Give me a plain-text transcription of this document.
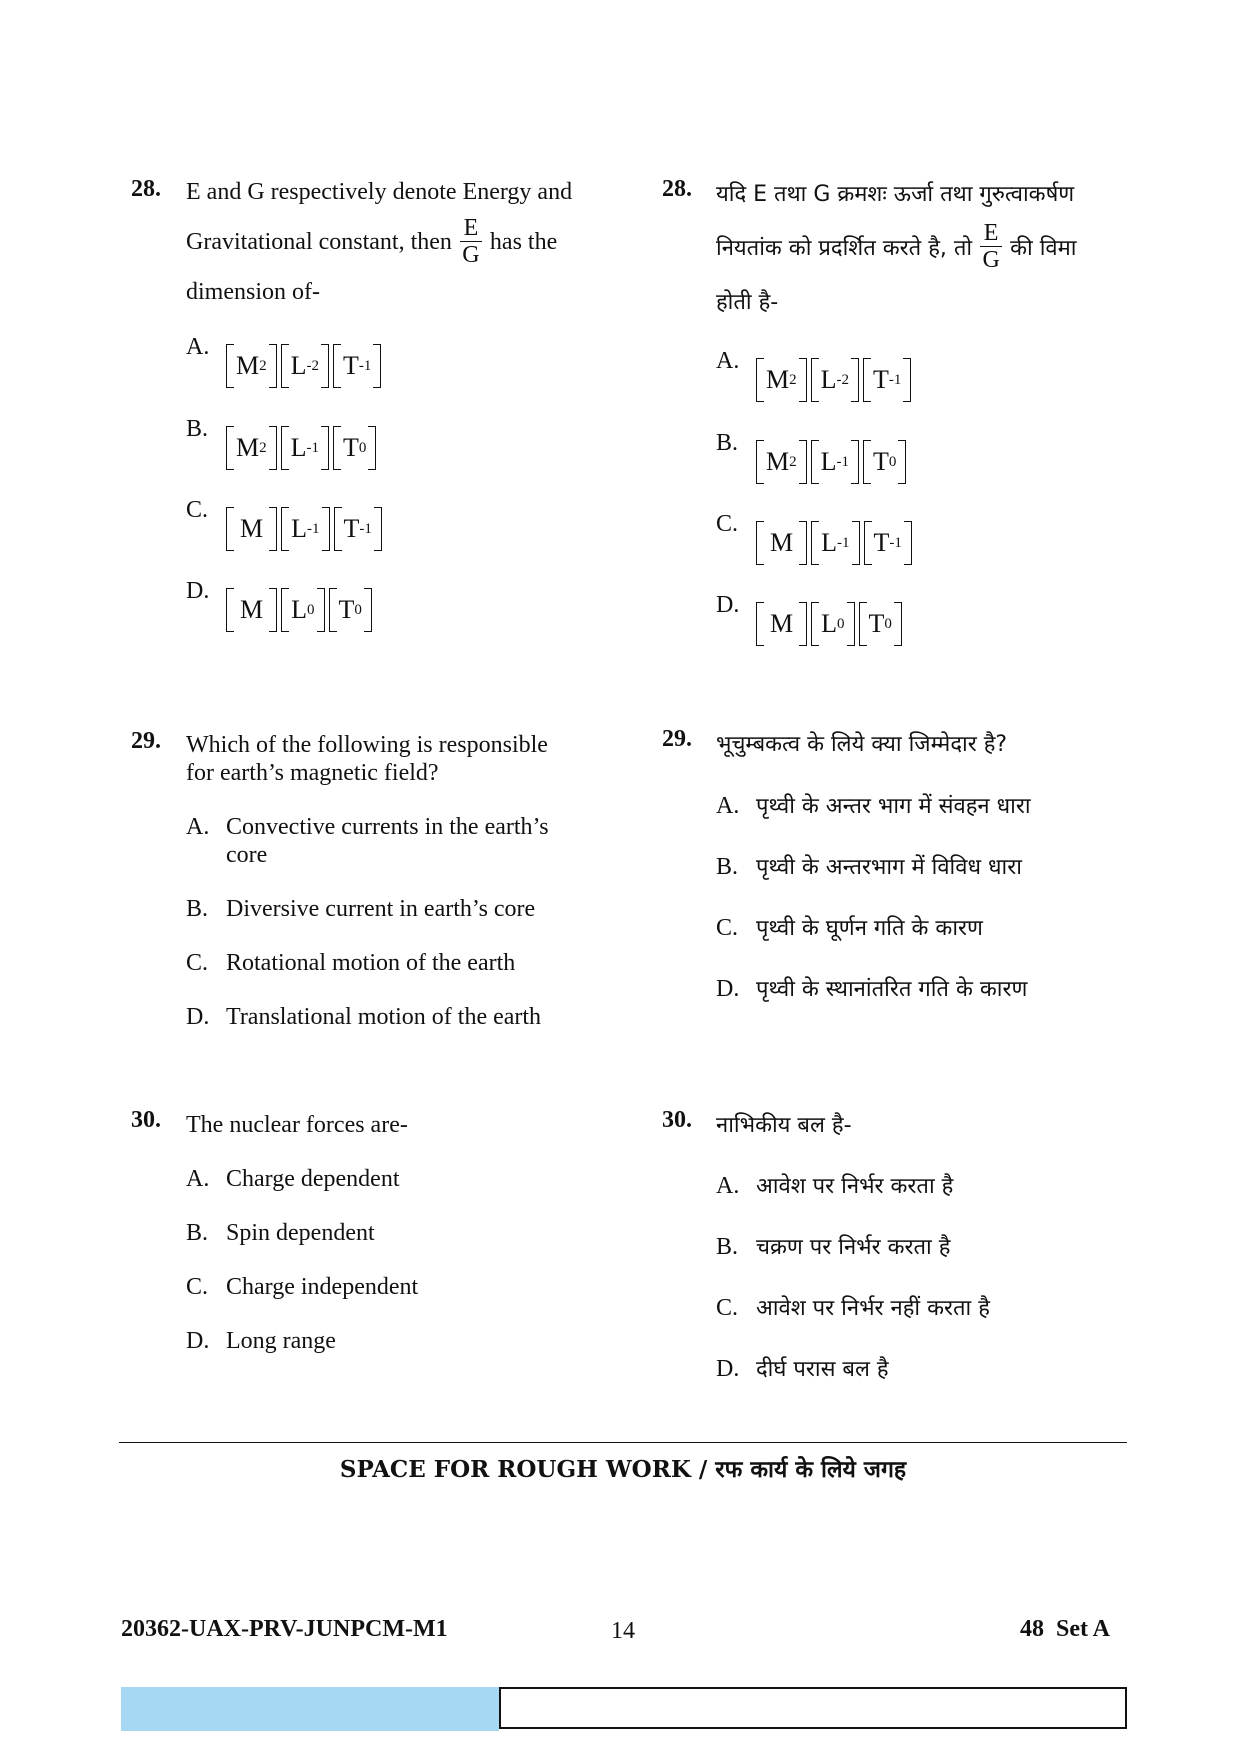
28. E and G respectively denote Energy and
Gravitational constant, then $\frac{E}{G}$ has the
dimension of-
A.
M 2 L -2 T -1
B.
M 2 L -1 T 0
C.
M L -1 T -1
D.
M L 0 T 0
28. यदि E तथा G क्रमशः ऊर्जा तथा गुरुत्वाकर्षण
नियतांक को प्रदर्शित करते है, तो $\frac{E}{G}$ की विमा
होती है-
A.
M 2 L -2 T -1
B.
M 2 L -1 T 0
C.
M L -1 T -1
D.
M L 0 T 0
29. Which of the following is responsible
for earth’s magnetic field?
A. Convective currents in the earth’s
core
B. Diversive current in earth’s core
C. Rotational motion of the earth
D. Translational motion of the earth
29. भूचुम्बकत्व के लिये क्या जिम्मेदार है?
A. पृथ्वी के अन्तर भाग में संवहन धारा
B. पृथ्वी के अन्तरभाग में विविध धारा
C. पृथ्वी के घूर्णन गति के कारण
D. पृथ्वी के स्थानांतरित गति के कारण
30. The nuclear forces are-
A. Charge dependent
B. Spin dependent
C. Charge independent
D. Long range
30. नाभिकीय बल है-
A. आवेश पर निर्भर करता है
B. चक्रण पर निर्भर करता है
C. आवेश पर निर्भर नहीं करता है
D. दीर्घ परास बल है
SPACE FOR ROUGH WORK / रफ कार्य के लिये जगह
20362-UAX-PRV-JUNPCM-M1	14	48  Set A
